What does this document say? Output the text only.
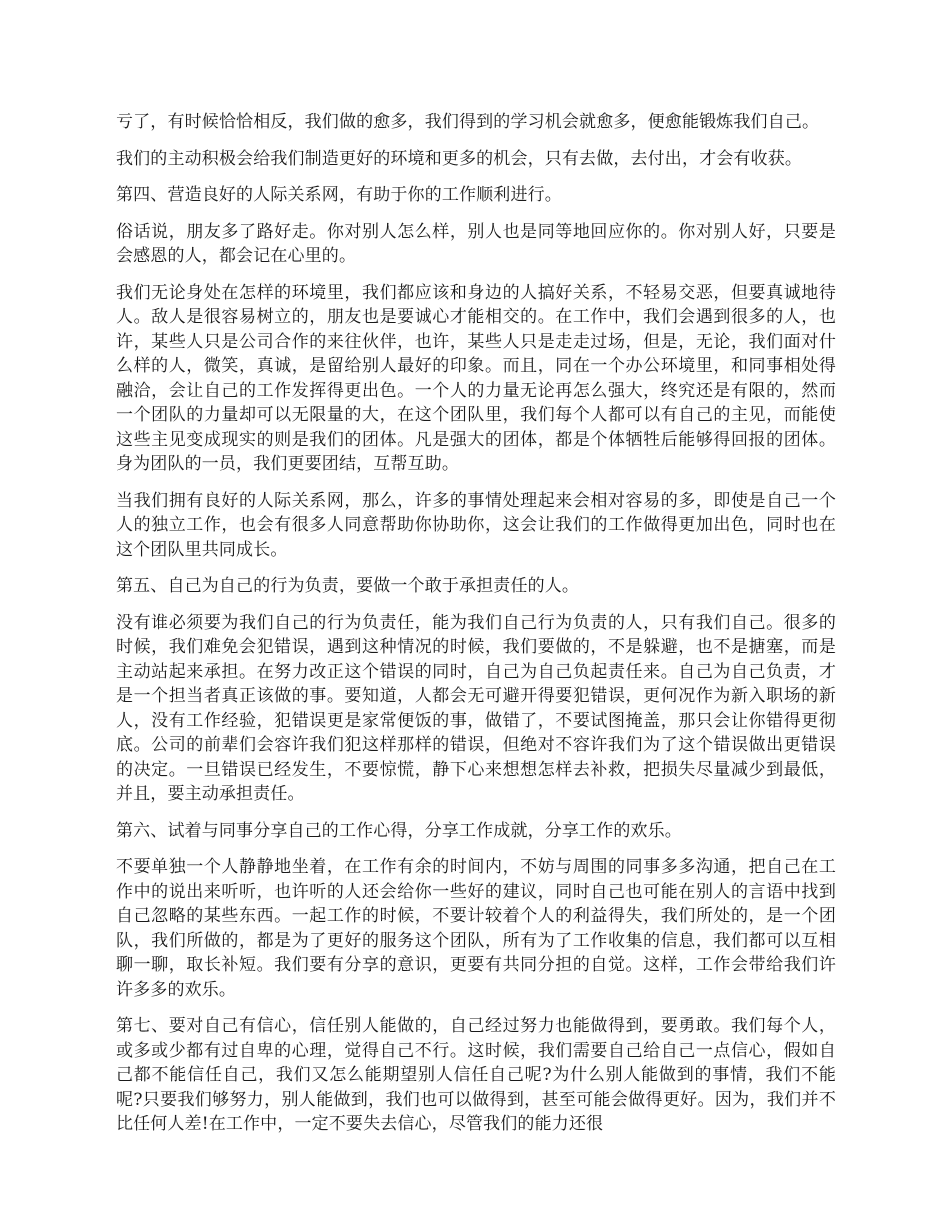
亏了，有时候恰恰相反，我们做的愈多，我们得到的学习机会就愈多，便愈能锻炼我们自己。

我们的主动积极会给我们制造更好的环境和更多的机会，只有去做，去付出，才会有收获。

第四、营造良好的人际关系网，有助于你的工作顺利进行。

俗话说，朋友多了路好走。你对别人怎么样，别人也是同等地回应你的。你对别人好，只要是会感恩的人，都会记在心里的。

我们无论身处在怎样的环境里，我们都应该和身边的人搞好关系，不轻易交恶，但要真诚地待人。敌人是很容易树立的，朋友也是要诚心才能相交的。在工作中，我们会遇到很多的人，也许，某些人只是公司合作的来往伙伴，也许，某些人只是走走过场，但是，无论，我们面对什么样的人，微笑，真诚，是留给别人最好的印象。而且，同在一个办公环境里，和同事相处得融洽，会让自己的工作发挥得更出色。一个人的力量无论再怎么强大，终究还是有限的，然而一个团队的力量却可以无限量的大，在这个团队里，我们每个人都可以有自己的主见，而能使这些主见变成现实的则是我们的团体。凡是强大的团体，都是个体牺牲后能够得回报的团体。身为团队的一员，我们更要团结，互帮互助。

当我们拥有良好的人际关系网，那么，许多的事情处理起来会相对容易的多，即使是自己一个人的独立工作，也会有很多人同意帮助你协助你，这会让我们的工作做得更加出色，同时也在这个团队里共同成长。

第五、自己为自己的行为负责，要做一个敢于承担责任的人。

没有谁必须要为我们自己的行为负责任，能为我们自己行为负责的人，只有我们自己。很多的时候，我们难免会犯错误，遇到这种情况的时候，我们要做的，不是躲避，也不是搪塞，而是主动站起来承担。在努力改正这个错误的同时，自己为自己负起责任来。自己为自己负责，才是一个担当者真正该做的事。要知道，人都会无可避开得要犯错误，更何况作为新入职场的新人，没有工作经验，犯错误更是家常便饭的事，做错了，不要试图掩盖，那只会让你错得更彻底。公司的前辈们会容许我们犯这样那样的错误，但绝对不容许我们为了这个错误做出更错误的决定。一旦错误已经发生，不要惊慌，静下心来想想怎样去补救，把损失尽量减少到最低，并且，要主动承担责任。

第六、试着与同事分享自己的工作心得，分享工作成就，分享工作的欢乐。

不要单独一个人静静地坐着，在工作有余的时间内，不妨与周围的同事多多沟通，把自己在工作中的说出来听听，也许听的人还会给你一些好的建议，同时自己也可能在别人的言语中找到自己忽略的某些东西。一起工作的时候，不要计较着个人的利益得失，我们所处的，是一个团队，我们所做的，都是为了更好的服务这个团队，所有为了工作收集的信息，我们都可以互相聊一聊，取长补短。我们要有分享的意识，更要有共同分担的自觉。这样，工作会带给我们许许多多的欢乐。

第七、要对自己有信心，信任别人能做的，自己经过努力也能做得到，要勇敢。我们每个人，或多或少都有过自卑的心理，觉得自己不行。这时候，我们需要自己给自己一点信心，假如自己都不能信任自己，我们又怎么能期望别人信任自己呢?为什么别人能做到的事情，我们不能呢?只要我们够努力，别人能做到，我们也可以做得到，甚至可能会做得更好。因为，我们并不比任何人差!在工作中，一定不要失去信心，尽管我们的能力还很
